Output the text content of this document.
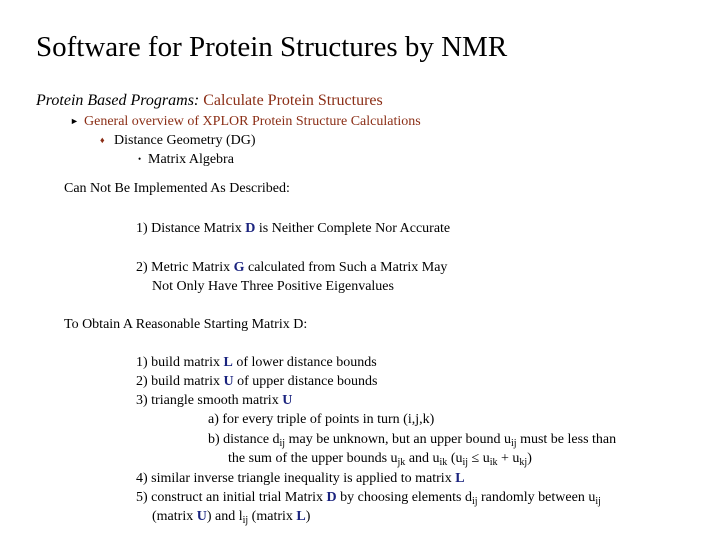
Software for Protein Structures by NMR
Protein Based Programs: Calculate Protein Structures
► General overview of XPLOR Protein Structure Calculations
♦ Distance Geometry (DG)
• Matrix Algebra
Can Not Be Implemented As Described:
1) Distance Matrix D is Neither Complete Nor Accurate
2) Metric Matrix G calculated from Such a Matrix May
Not Only Have Three Positive Eigenvalues
To Obtain A Reasonable Starting Matrix D:
1) build matrix L of lower distance bounds
2) build matrix U of upper distance bounds
3) triangle smooth matrix U
a) for every triple of points in turn (i,j,k)
b) distance $d_{ij}$ may be unknown, but an upper bound $u_{ij}$ must be less than
the sum of the upper bounds $u_{jk}$ and $u_{ik}$ $(u_{ij} \le u_{ik} + u_{kj})$
4) similar inverse triangle inequality is applied to matrix L
5) construct an initial trial Matrix D by choosing elements $d_{ij}$ randomly between $u_{ij}$
(matrix U) and $l_{ij}$ (matrix L)
